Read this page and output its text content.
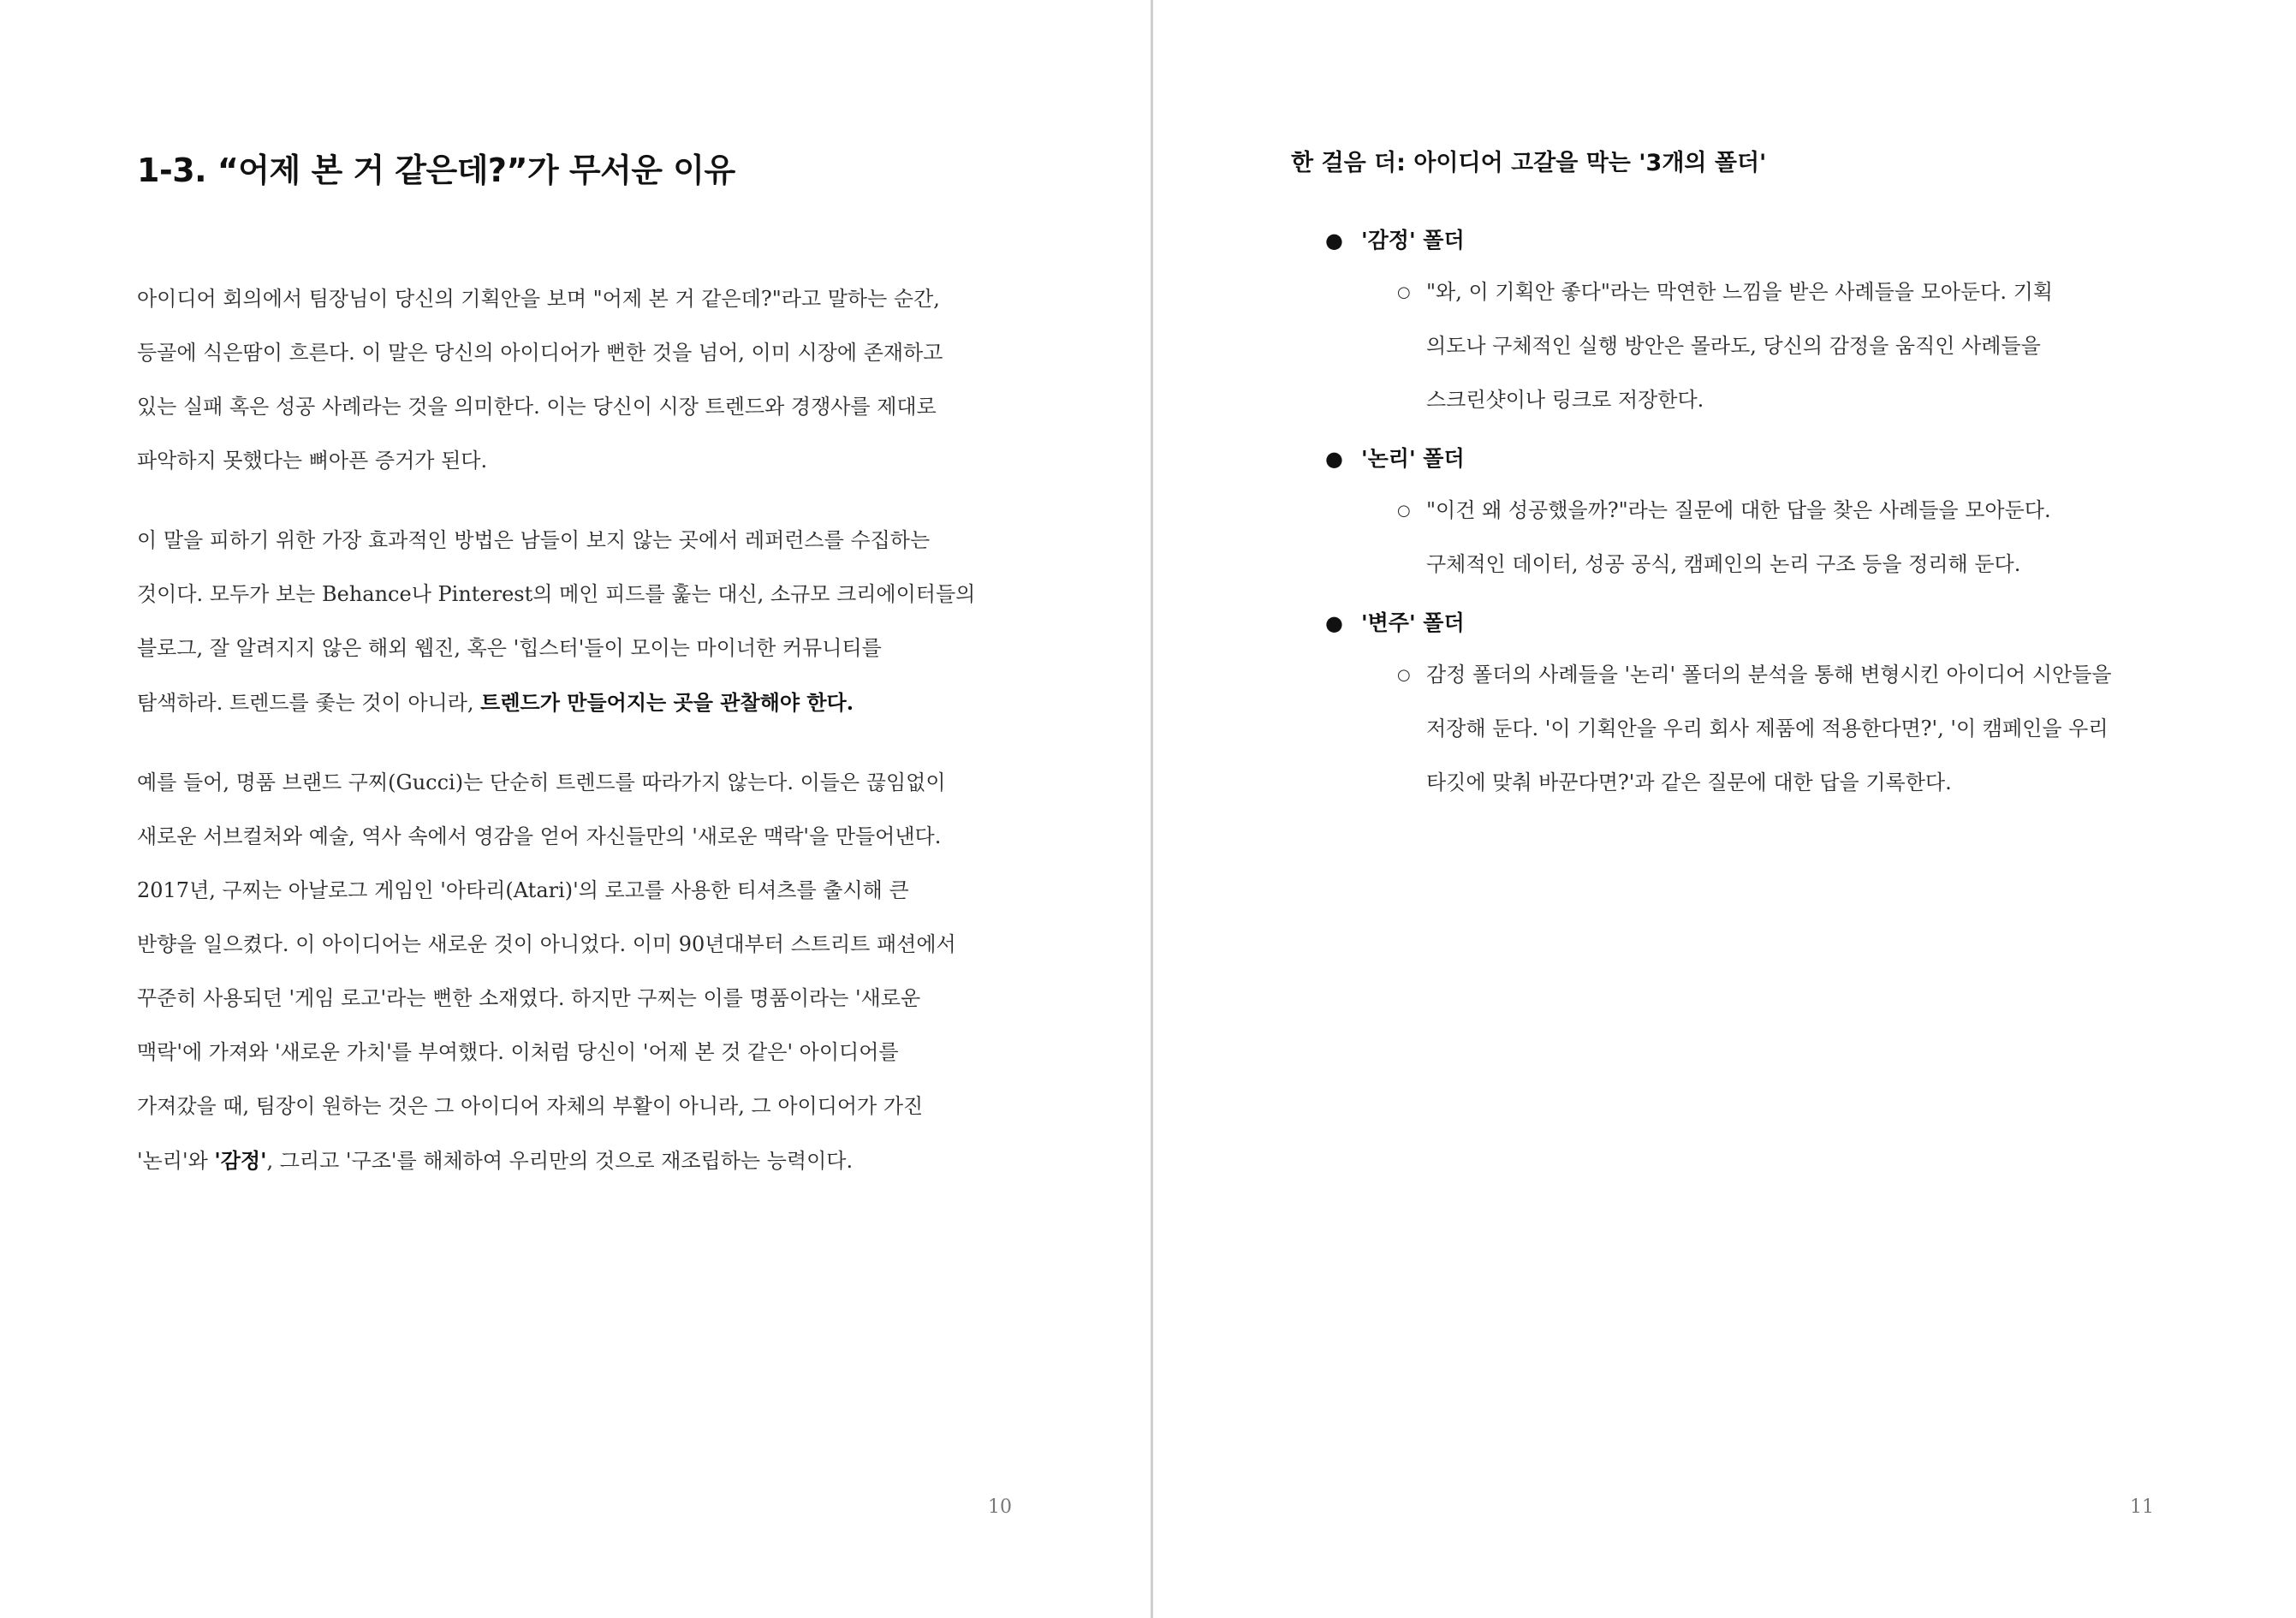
1-3. “어제 본 거 같은데?”가 무서운 이유

아이디어 회의에서 팀장님이 당신의 기획안을 보며 "어제 본 거 같은데?"라고 말하는 순간,
등골에 식은땀이 흐른다. 이 말은 당신의 아이디어가 뻔한 것을 넘어, 이미 시장에 존재하고
있는 실패 혹은 성공 사례라는 것을 의미한다. 이는 당신이 시장 트렌드와 경쟁사를 제대로
파악하지 못했다는 뼈아픈 증거가 된다.

이 말을 피하기 위한 가장 효과적인 방법은 남들이 보지 않는 곳에서 레퍼런스를 수집하는
것이다. 모두가 보는 Behance나 Pinterest의 메인 피드를 훑는 대신, 소규모 크리에이터들의
블로그, 잘 알려지지 않은 해외 웹진, 혹은 '힙스터'들이 모이는 마이너한 커뮤니티를
탐색하라. 트렌드를 좇는 것이 아니라, 트렌드가 만들어지는 곳을 관찰해야 한다.

예를 들어, 명품 브랜드 구찌(Gucci)는 단순히 트렌드를 따라가지 않는다. 이들은 끊임없이
새로운 서브컬처와 예술, 역사 속에서 영감을 얻어 자신들만의 '새로운 맥락'을 만들어낸다.
2017년, 구찌는 아날로그 게임인 '아타리(Atari)'의 로고를 사용한 티셔츠를 출시해 큰
반향을 일으켰다. 이 아이디어는 새로운 것이 아니었다. 이미 90년대부터 스트리트 패션에서
꾸준히 사용되던 '게임 로고'라는 뻔한 소재였다. 하지만 구찌는 이를 명품이라는 '새로운
맥락'에 가져와 '새로운 가치'를 부여했다. 이처럼 당신이 '어제 본 것 같은' 아이디어를
가져갔을 때, 팀장이 원하는 것은 그 아이디어 자체의 부활이 아니라, 그 아이디어가 가진
'논리'와 '감정', 그리고 '구조'를 해체하여 우리만의 것으로 재조립하는 능력이다.

10
한 걸음 더: 아이디어 고갈을 막는 '3개의 폴더'
● '감정' 폴더
○ "와, 이 기획안 좋다"라는 막연한 느낌을 받은 사례들을 모아둔다. 기획
의도나 구체적인 실행 방안은 몰라도, 당신의 감정을 움직인 사례들을
스크린샷이나 링크로 저장한다.
● '논리' 폴더
○ "이건 왜 성공했을까?"라는 질문에 대한 답을 찾은 사례들을 모아둔다.
구체적인 데이터, 성공 공식, 캠페인의 논리 구조 등을 정리해 둔다.
● '변주' 폴더
○ 감정 폴더의 사례들을 '논리' 폴더의 분석을 통해 변형시킨 아이디어 시안들을
저장해 둔다. '이 기획안을 우리 회사 제품에 적용한다면?', '이 캠페인을 우리
타깃에 맞춰 바꾼다면?'과 같은 질문에 대한 답을 기록한다.
11
